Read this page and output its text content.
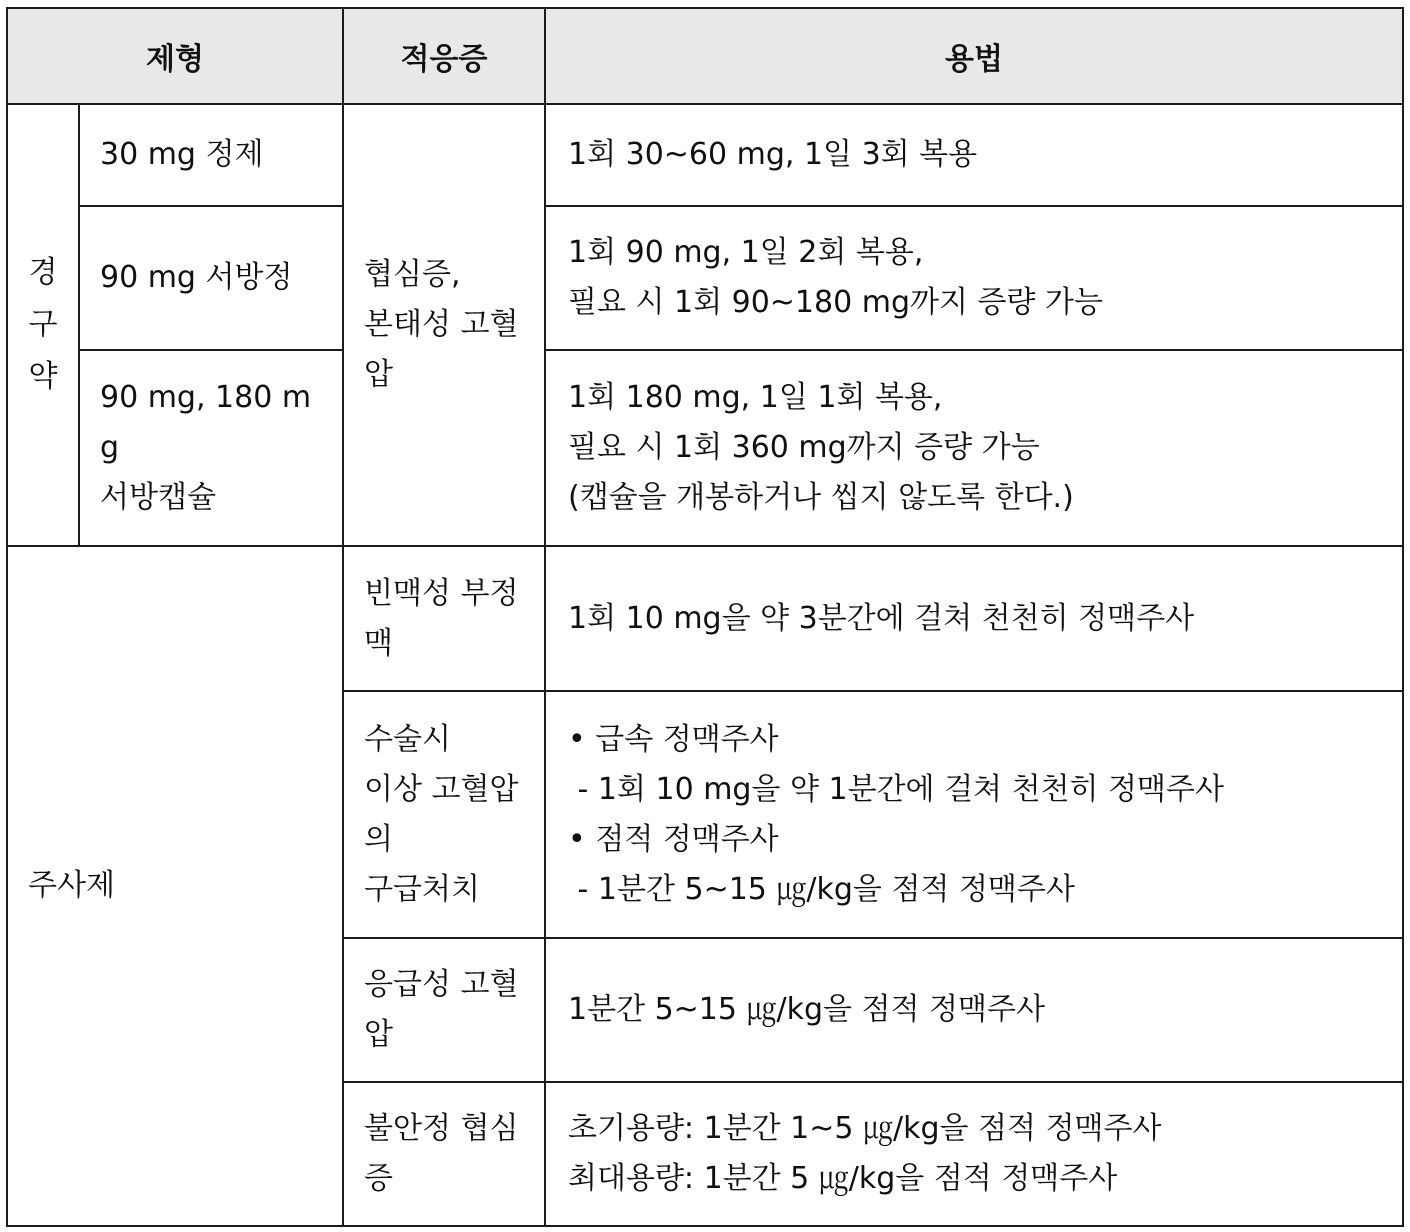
제형		적응증	용법

경
구
약	30 mg 정제	협심증,
본태성 고혈
압	1회 30~60 mg, 1일 3회 복용

	90 mg 서방정		1회 90 mg, 1일 2회 복용,
필요 시 1회 90~180 mg까지 증량 가능

	90 mg, 180 m
g
서방캡슐		1회 180 mg, 1일 1회 복용,
필요 시 1회 360 mg까지 증량 가능
(캡슐을 개봉하거나 씹지 않도록 한다.)

주사제		빈맥성 부정
맥	1회 10 mg을 약 3분간에 걸쳐 천천히 정맥주사

		수술시
이상 고혈압
의
구급처치	• 급속 정맥주사
- 1회 10 mg을 약 1분간에 걸쳐 천천히 정맥주사
• 점적 정맥주사
- 1분간 5~15 ㎍/kg을 점적 정맥주사

		응급성 고혈
압	1분간 5~15 ㎍/kg을 점적 정맥주사

		불안정 협심
증	초기용량: 1분간 1~5 ㎍/kg을 점적 정맥주사
최대용량: 1분간 5 ㎍/kg을 점적 정맥주사
